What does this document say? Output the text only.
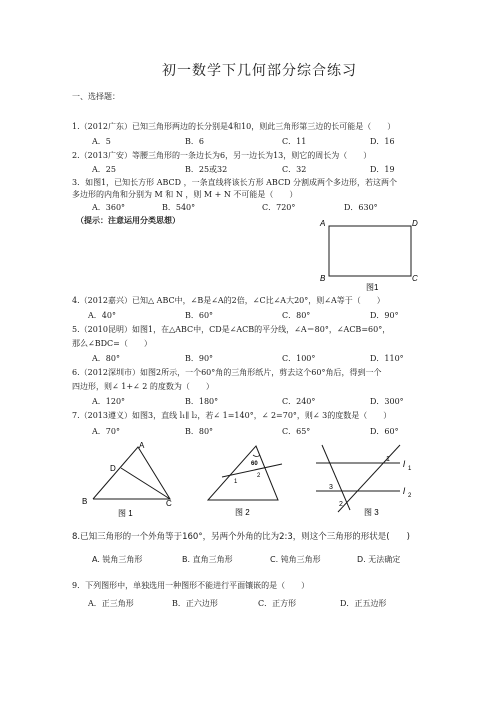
初一数学下几何部分综合练习
一、选择题：
1.（2012广东）已知三角形两边的长分别是4和10，则此三角形第三边的长可能是（　　）
A．5	B．6	C．11	D．16
2.（2013广安）等腰三角形的一条边长为6，另一边长为13，则它的周长为（　　）
A．25	B．25或32	C．32	D．19
3．如图1，已知长方形 ABCD ，一条直线将该长方形 ABCD 分割成两个多边形，若这两个
多边形的内角和分别为 M 和 N ，则 M + N 不可能是（　　）
A．360°	B．540°	C．720°	D．630°
（提示：注意运用分类思想）	A	D
B	C
图1
4.（2012嘉兴）已知△ ABC中，∠B是∠A的2倍，∠C比∠A大20°，则∠A等于（　　）
A．40°	B．60°	C．80°	D．90°
5.（2010昆明）如图1，在△ABC中，CD是∠ACB的平分线，∠A＝80°，∠ACB=60°，
那么∠BDC=（　　）
A．80°	B．90°	C．100°	D．110°
6.（2012深圳市）如图2所示，一个60°角的三角形纸片，剪去这个60°角后，得到一个
四边形，则∠ 1+∠ 2 的度数为（　　）
A．120°	B．180°	C．240°	D．300°
7.（2013遵义）如图3，直线 l₁∥ l₂，若∠ 1=140°，∠ 2=70°，则∠ 3的度数是（　　）
A．70°	B．80°	C．65°	D．60°
A
D
B	C
图 1
60
1
2
图 2
1
2
3
l 1
l 2
图 3
8.已知三角形的一个外角等于160°，另两个外角的比为2:3，则这个三角形的形状是(　　)
A. 锐角三角形	B. 直角三角形	C. 钝角三角形	D. 无法确定
9．下列图形中，单独选用一种图形不能进行平面镶嵌的是（　　）
A．正三角形	B．正六边形	C．正方形	D．正五边形
